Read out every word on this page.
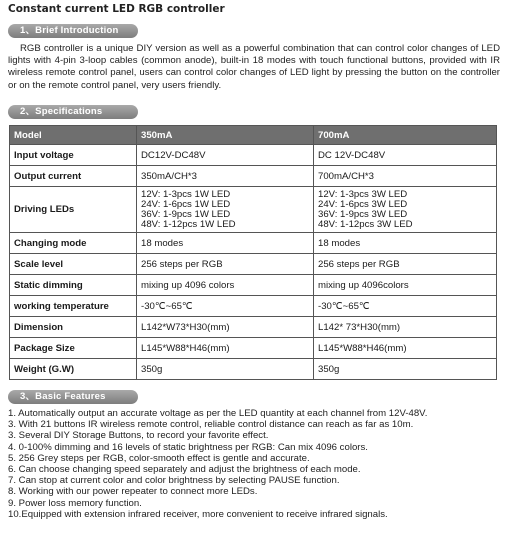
Constant current LED RGB controller
1、Brief Introduction
RGB controller is a unique DIY version as well as a powerful combination that can control color changes of LED lights with 4-pin 3-loop cables (common anode), built-in 18 modes with touch functional buttons, provided with IR wireless remote control panel, users can control color changes of LED light by pressing the button on the controller or on the remote control panel, very users friendly.
2、Specifications
Model	350mA	700mA
Input voltage	DC12V-DC48V	DC 12V-DC48V
Output current	350mA/CH*3	700mA/CH*3
Driving LEDs	12V: 1-3pcs 1W LED
24V: 1-6pcs 1W LED
36V: 1-9pcs 1W LED
48V: 1-12pcs 1W LED	12V: 1-3pcs 3W LED
24V: 1-6pcs 3W LED
36V: 1-9pcs 3W LED
48V: 1-12pcs 3W LED

Changing mode	18 modes	18 modes
Scale level	256 steps per RGB	256 steps per RGB
Static dimming	mixing up 4096 colors	mixing up 4096colors
working temperature	-30℃~65℃	-30℃~65℃
Dimension	L142*W73*H30(mm)	L142* 73*H30(mm)
Package Size	L145*W88*H46(mm)	L145*W88*H46(mm)
Weight (G.W)	350g	350g
3、Basic Features
1. Automatically output an accurate voltage as per the LED quantity at each channel from 12V-48V.
3. With 21 buttons IR wireless remote control, reliable control distance can reach as far as 10m.
3. Several DIY Storage Buttons, to record your favorite effect.
4. 0-100% dimming and 16 levels of static brightness per RGB: Can mix 4096 colors.
5. 256 Grey steps per RGB, color-smooth effect is gentle and accurate.
6. Can choose changing speed separately and adjust the brightness of each mode.
7. Can stop at current color and color brightness by selecting PAUSE function.
8. Working with our power repeater to connect more LEDs.
9. Power loss memory function.
10.Equipped with extension infrared receiver, more convenient to receive infrared signals.
